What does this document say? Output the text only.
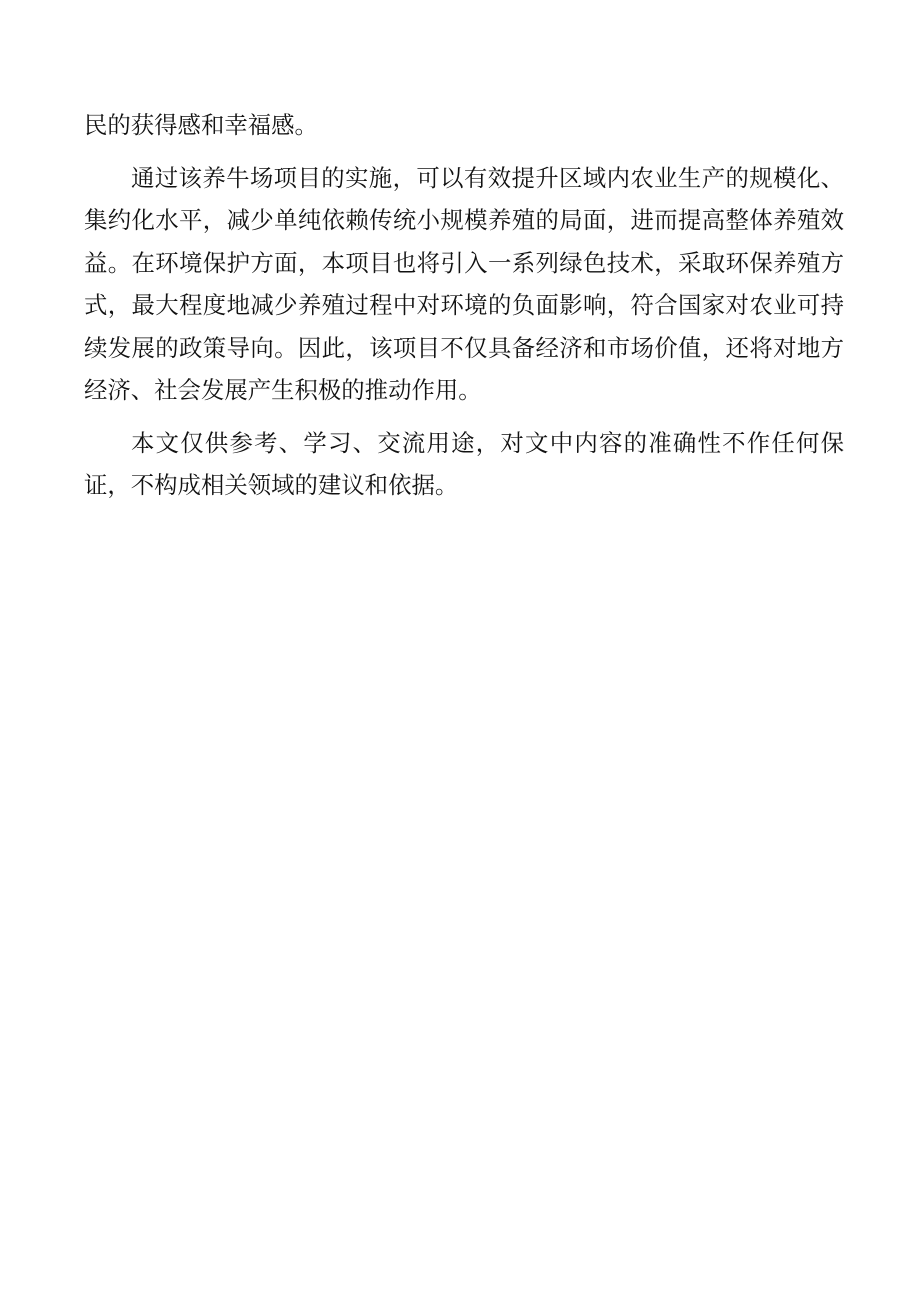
民的获得感和幸福感。

通过该养牛场项目的实施，可以有效提升区域内农业生产的规模化、集约化水平，减少单纯依赖传统小规模养殖的局面，进而提高整体养殖效益。在环境保护方面，本项目也将引入一系列绿色技术，采取环保养殖方式，最大程度地减少养殖过程中对环境的负面影响，符合国家对农业可持续发展的政策导向。因此，该项目不仅具备经济和市场价值，还将对地方经济、社会发展产生积极的推动作用。

本文仅供参考、学习、交流用途，对文中内容的准确性不作任何保证，不构成相关领域的建议和依据。
